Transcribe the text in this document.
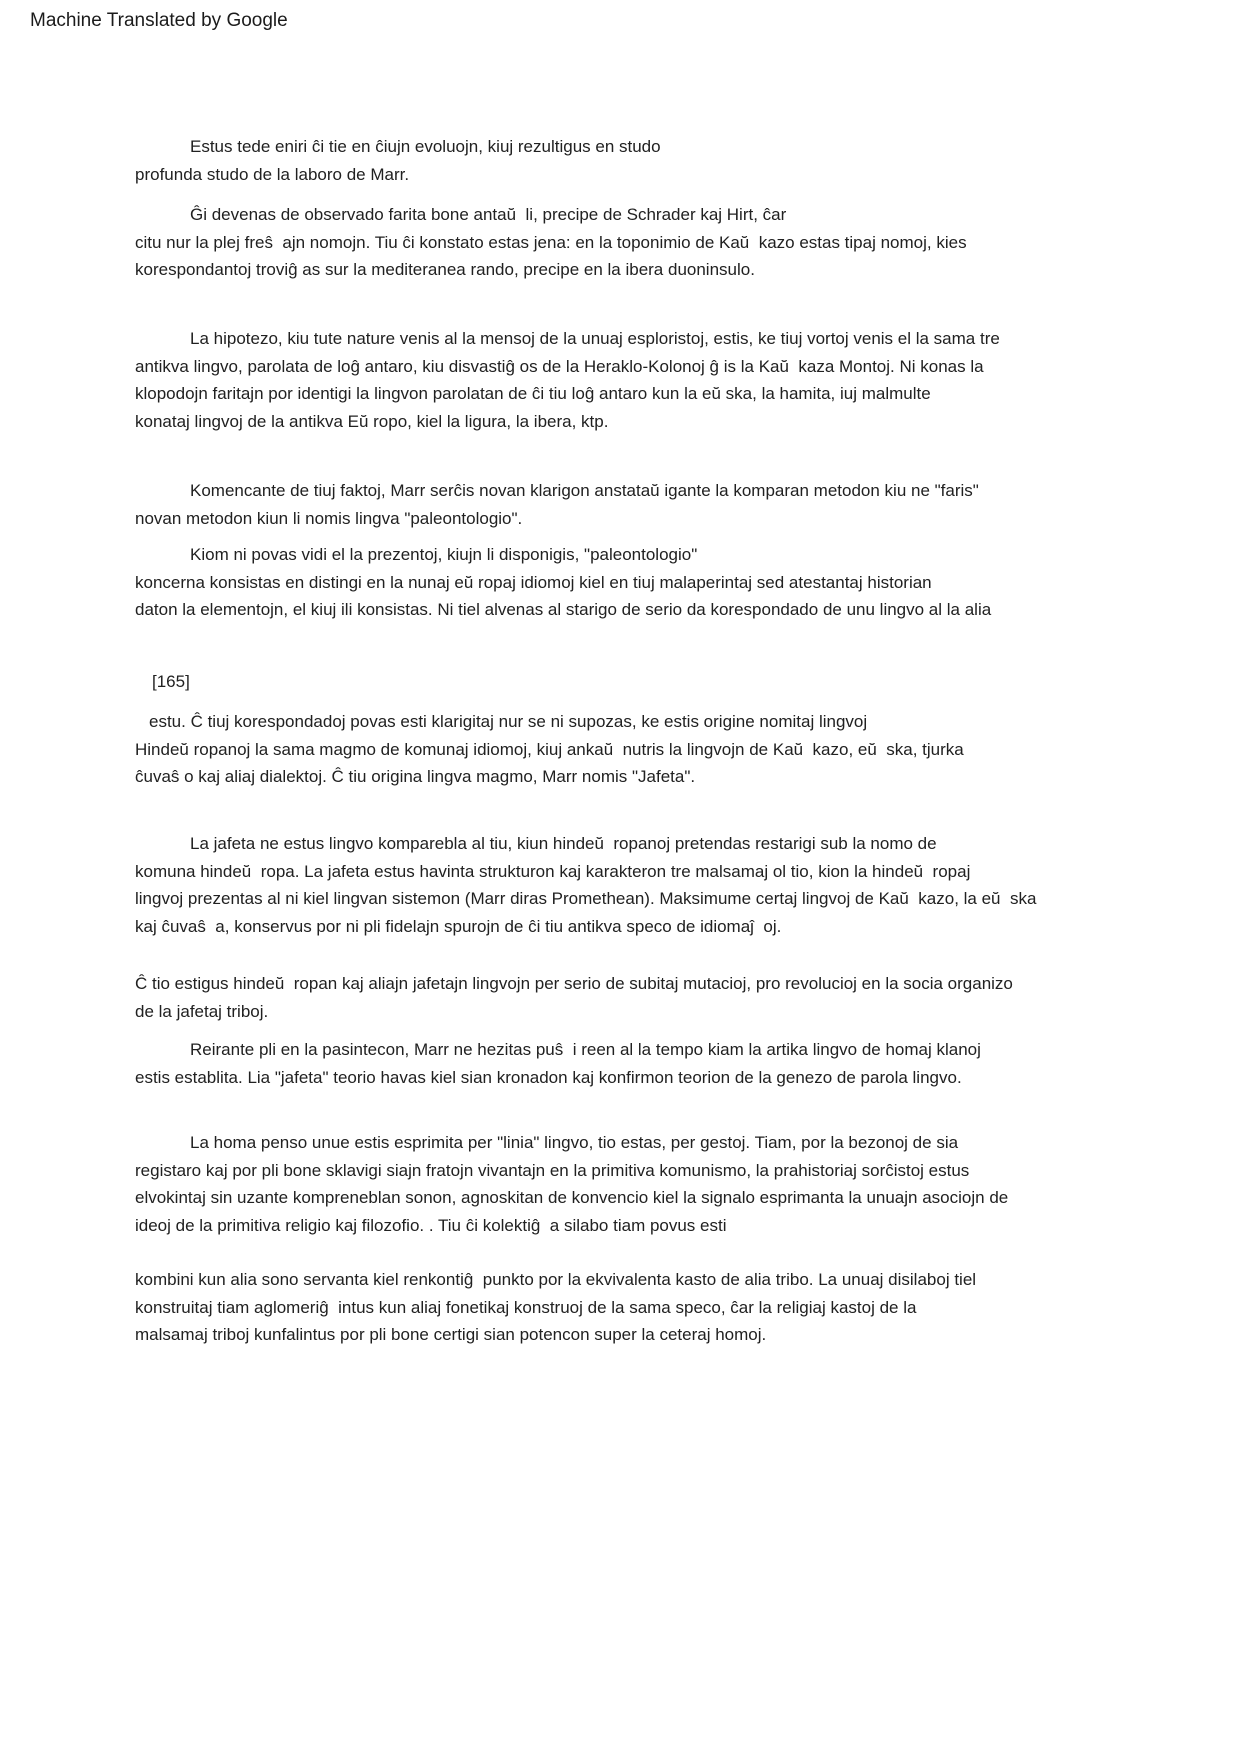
Machine Translated by Google
Estus tede eniri ĉi tie en ĉiujn evoluojn, kiuj rezultigus en studo
profunda studo de la laboro de Marr.
Ĝi devenas de observado farita bone antaŭ  li, precipe de Schrader kaj Hirt, ĉar
citu nur la plej freŝ  ajn nomojn. Tiu ĉi konstato estas jena: en la toponimio de Kaŭ  kazo estas tipaj nomoj, kies
korespondantoj troviĝ as sur la mediteranea rando, precipe en la ibera duoninsulo.
La hipotezo, kiu tute nature venis al la mensoj de la unuaj esploristoj, estis, ke tiuj vortoj venis el la sama tre
antikva lingvo, parolata de loĝ antaro, kiu disvastiĝ os de la Heraklo-Kolonoj ĝ is la Kaŭ  kaza Montoj. Ni konas la
klopodojn faritajn por identigi la lingvon parolatan de ĉi tiu loĝ antaro kun la eŭ ska, la hamita, iuj malmulte
konataj lingvoj de la antikva Eŭ ropo, kiel la ligura, la ibera, ktp.
Komencante de tiuj faktoj, Marr serĉis novan klarigon anstataŭ igante la komparan metodon kiu ne "faris"
novan metodon kiun li nomis lingva "paleontologio".
Kiom ni povas vidi el la prezentoj, kiujn li disponigis, "paleontologio"
koncerna konsistas en distingi en la nunaj eŭ ropaj idiomoj kiel en tiuj malaperintaj sed atestantaj historian
daton la elementojn, el kiuj ili konsistas. Ni tiel alvenas al starigo de serio da korespondado de unu lingvo al la alia
[165]
estu. Ĉ tiuj korespondadoj povas esti klarigitaj nur se ni supozas, ke estis origine nomitaj lingvoj
Hindeŭ ropanoj la sama magmo de komunaj idiomoj, kiuj ankaŭ  nutris la lingvojn de Kaŭ  kazo, eŭ  ska, tjurka
ĉuvaŝ o kaj aliaj dialektoj. Ĉ tiu origina lingva magmo, Marr nomis "Jafeta".
La jafeta ne estus lingvo komparebla al tiu, kiun hindeŭ  ropanoj pretendas restarigi sub la nomo de
komuna hindeŭ  ropa. La jafeta estus havinta strukturon kaj karakteron tre malsamaj ol tio, kion la hindeŭ  ropaj
lingvoj prezentas al ni kiel lingvan sistemon (Marr diras Promethean). Maksimume certaj lingvoj de Kaŭ  kazo, la eŭ  ska
kaj ĉuvaŝ  a, konservus por ni pli fidelajn spurojn de ĉi tiu antikva speco de idiomaĵ  oj.
Ĉ tio estigus hindeŭ  ropan kaj aliajn jafetajn lingvojn per serio de subitaj mutacioj, pro revolucioj en la socia organizo
de la jafetaj triboj.
Reirante pli en la pasintecon, Marr ne hezitas puŝ  i reen al la tempo kiam la artika lingvo de homaj klanoj
estis establita. Lia "jafeta" teorio havas kiel sian kronadon kaj konfirmon teorion de la genezo de parola lingvo.
La homa penso unue estis esprimita per "linia" lingvo, tio estas, per gestoj. Tiam, por la bezonoj de sia
registaro kaj por pli bone sklavigi siajn fratojn vivantajn en la primitiva komunismo, la prahistoriaj sorĉistoj estus
elvokintaj sin uzante kompreneblan sonon, agnoskitan de konvencio kiel la signalo esprimanta la unuajn asociojn de
ideoj de la primitiva religio kaj filozofio. . Tiu ĉi kolektiĝ  a silabo tiam povus esti
kombini kun alia sono servanta kiel renkontiĝ  punkto por la ekvivalenta kasto de alia tribo. La unuaj disilaboj tiel
konstruitaj tiam aglomeriĝ  intus kun aliaj fonetikaj konstruoj de la sama speco, ĉar la religiaj kastoj de la
malsamaj triboj kunfalintus por pli bone certigi sian potencon super la ceteraj homoj.
